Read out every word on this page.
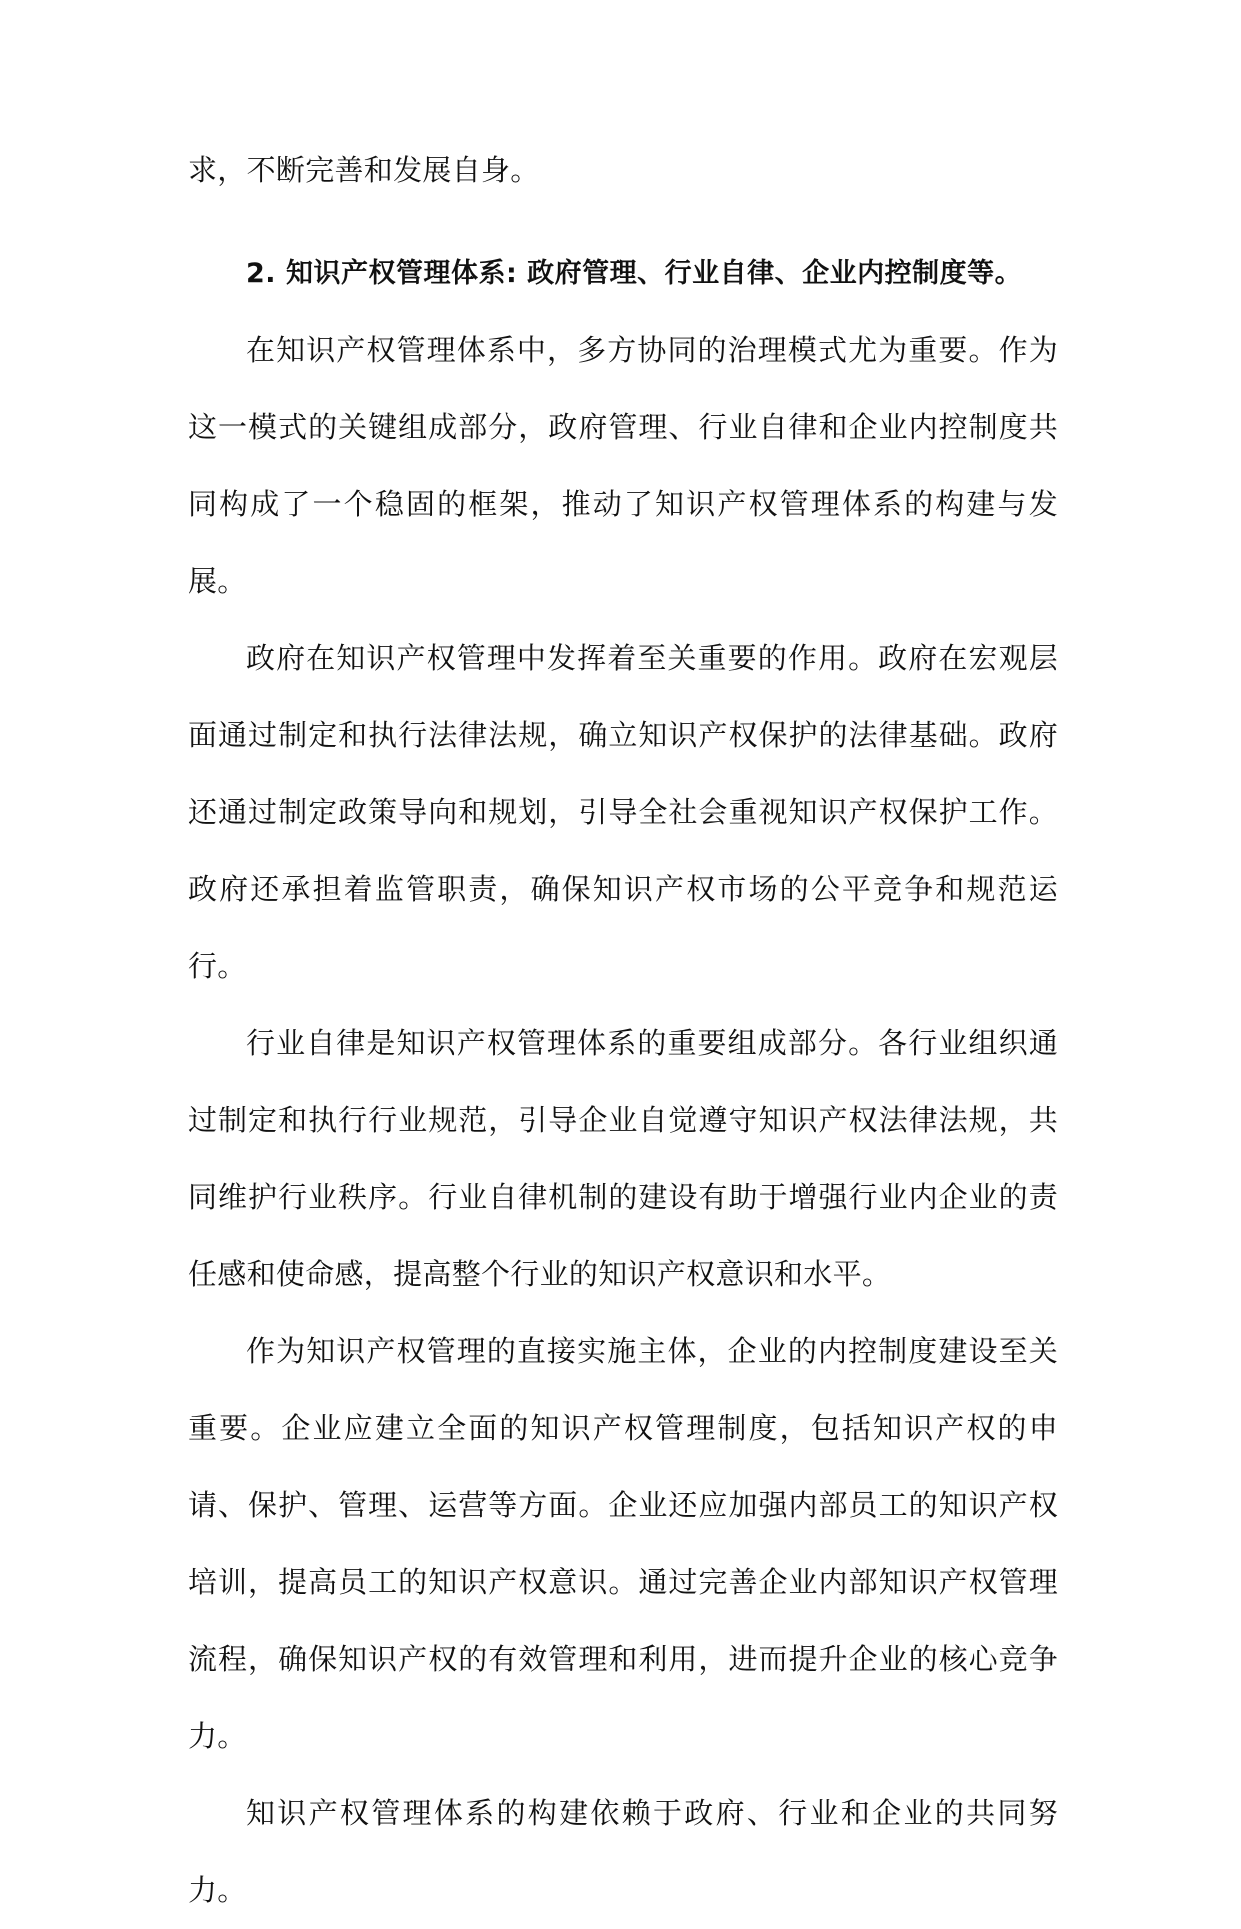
求，不断完善和发展自身。

2. 知识产权管理体系: 政府管理、行业自律、企业内控制度等。

在知识产权管理体系中，多方协同的治理模式尤为重要。作为这一模式的关键组成部分，政府管理、行业自律和企业内控制度共同构成了一个稳固的框架，推动了知识产权管理体系的构建与发展。

政府在知识产权管理中发挥着至关重要的作用。政府在宏观层面通过制定和执行法律法规，确立知识产权保护的法律基础。政府还通过制定政策导向和规划，引导全社会重视知识产权保护工作。政府还承担着监管职责，确保知识产权市场的公平竞争和规范运行。

行业自律是知识产权管理体系的重要组成部分。各行业组织通过制定和执行行业规范，引导企业自觉遵守知识产权法律法规，共同维护行业秩序。行业自律机制的建设有助于增强行业内企业的责任感和使命感，提高整个行业的知识产权意识和水平。

作为知识产权管理的直接实施主体，企业的内控制度建设至关重要。企业应建立全面的知识产权管理制度，包括知识产权的申请、保护、管理、运营等方面。企业还应加强内部员工的知识产权培训，提高员工的知识产权意识。通过完善企业内部知识产权管理流程，确保知识产权的有效管理和利用，进而提升企业的核心竞争力。

知识产权管理体系的构建依赖于政府、行业和企业的共同努力。
